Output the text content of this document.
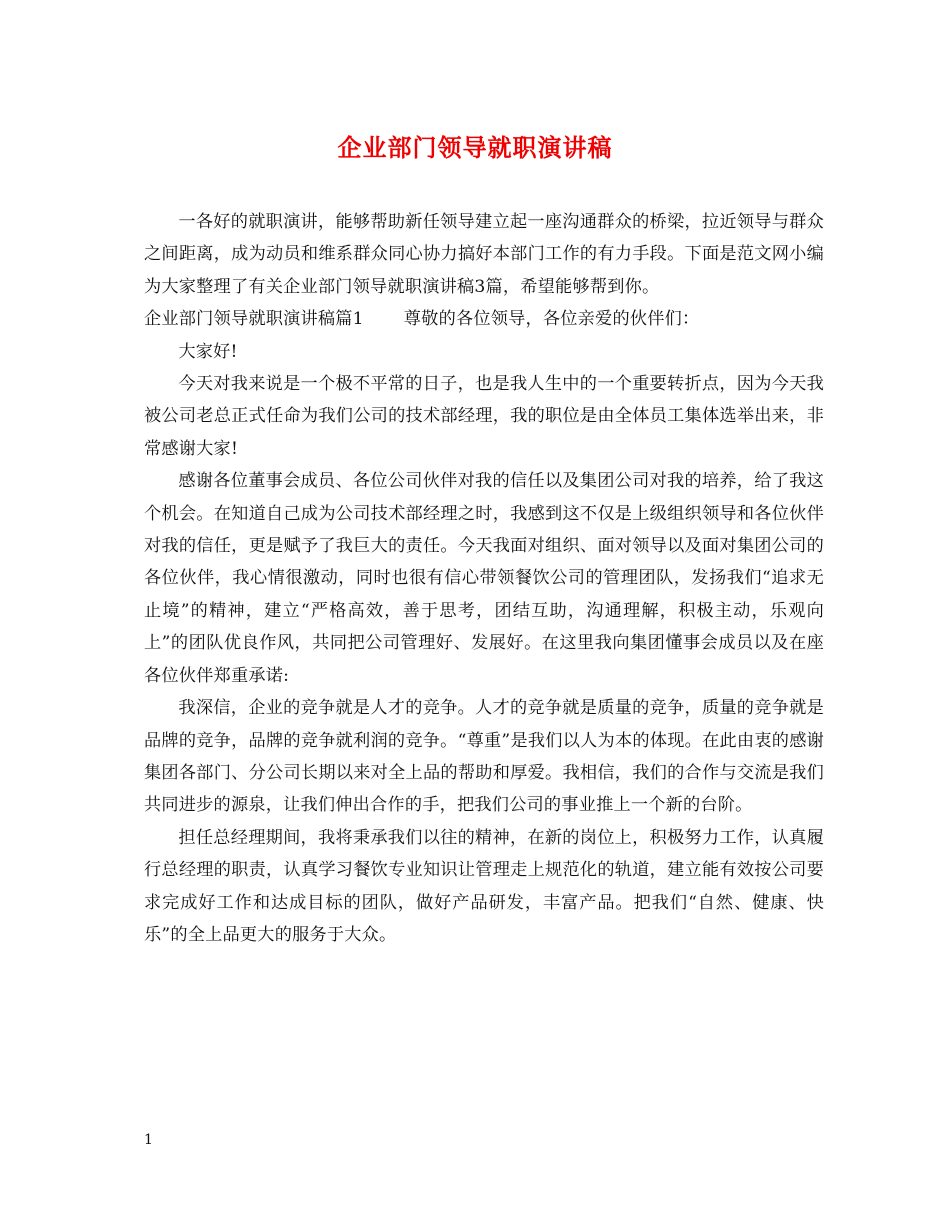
企业部门领导就职演讲稿

一各好的就职演讲，能够帮助新任领导建立起一座沟通群众的桥梁，拉近领导与群众之间距离，成为动员和维系群众同心协力搞好本部门工作的有力手段。下面是范文网小编为大家整理了有关企业部门领导就职演讲稿3篇，希望能够帮到你。

企业部门领导就职演讲稿篇1 尊敬的各位领导，各位亲爱的伙伴们：

大家好!

今天对我来说是一个极不平常的日子，也是我人生中的一个重要转折点，因为今天我被公司老总正式任命为我们公司的技术部经理，我的职位是由全体员工集体选举出来，非常感谢大家!

感谢各位董事会成员、各位公司伙伴对我的信任以及集团公司对我的培养，给了我这个机会。在知道自己成为公司技术部经理之时，我感到这不仅是上级组织领导和各位伙伴对我的信任，更是赋予了我巨大的责任。今天我面对组织、面对领导以及面对集团公司的各位伙伴，我心情很激动，同时也很有信心带领餐饮公司的管理团队，发扬我们“追求无止境”的精神，建立“严格高效，善于思考，团结互助，沟通理解，积极主动，乐观向上”的团队优良作风，共同把公司管理好、发展好。在这里我向集团懂事会成员以及在座各位伙伴郑重承诺:

我深信，企业的竞争就是人才的竞争。人才的竞争就是质量的竞争，质量的竞争就是品牌的竞争，品牌的竞争就利润的竞争。“尊重”是我们以人为本的体现。在此由衷的感谢集团各部门、分公司长期以来对全上品的帮助和厚爱。我相信，我们的合作与交流是我们共同进步的源泉，让我们伸出合作的手，把我们公司的事业推上一个新的台阶。

担任总经理期间，我将秉承我们以往的精神，在新的岗位上，积极努力工作，认真履行总经理的职责，认真学习餐饮专业知识让管理走上规范化的轨道，建立能有效按公司要求完成好工作和达成目标的团队，做好产品研发，丰富产品。把我们“自然、健康、快乐”的全上品更大的服务于大众。

1
